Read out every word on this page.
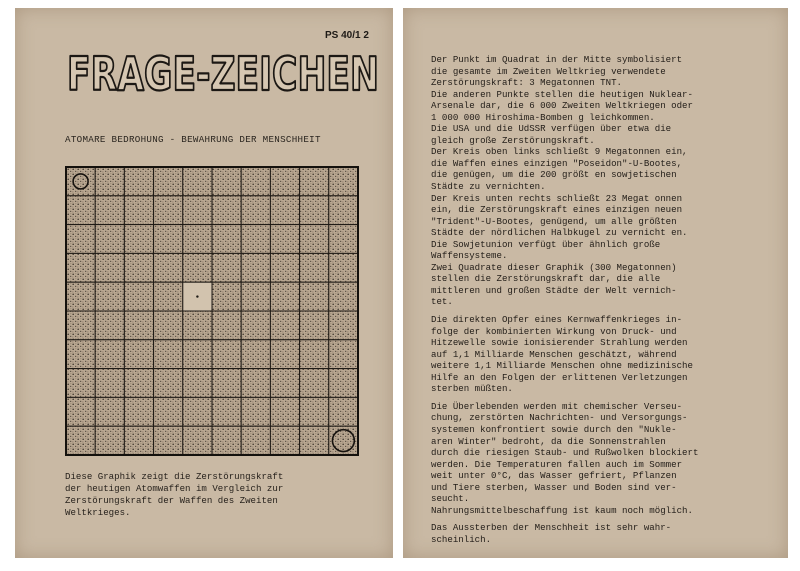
PS 40/1 2
FRAGE-ZEICHEN
ATOMARE BEDROHUNG - BEWAHRUNG DER MENSCHHEIT
Diese Graphik zeigt die Zerstörungskraft
der heutigen Atomwaffen im Vergleich zur
Zerstörungskraft der Waffen des Zweiten
Weltkrieges.
Der Punkt im Quadrat in der Mitte symbolisiert
die gesamte im Zweiten Weltkrieg verwendete
Zerstörungskraft: 3 Megatonnen TNT.
Die anderen Punkte stellen die heutigen Nuklear-
Arsenale dar, die 6 000 Zweiten Weltkriegen oder
1 000 000 Hiroshima-Bomben g leichkommen.
Die USA und die UdSSR verfügen über etwa die
gleich große Zerstörungskraft.
Der Kreis oben links schließt 9 Megatonnen ein,
die Waffen eines einzigen "Poseidon"-U-Bootes,
die genügen, um die 200 größt en sowjetischen
Städte zu vernichten.
Der Kreis unten rechts schließt 23 Megat onnen
ein, die Zerstörungskraft eines einzigen neuen
"Trident"-U-Bootes, genügend, um alle größten
Städte der nördlichen Halbkugel zu vernicht en.
Die Sowjetunion verfügt über ähnlich große
Waffensysteme.
Zwei Quadrate dieser Graphik (300 Megatonnen)
stellen die Zerstörungskraft dar, die alle
mittleren und großen Städte der Welt vernich-
tet.
Die direkten Opfer eines Kernwaffenkrieges in-
folge der kombinierten Wirkung von Druck- und
Hitzewelle sowie ionisierender Strahlung werden
auf 1,1 Milliarde Menschen geschätzt, während
weitere 1,1 Milliarde Menschen ohne medizinische
Hilfe an den Folgen der erlittenen Verletzungen
sterben müßten.
Die Überlebenden werden mit chemischer Verseu-
chung, zerstörten Nachrichten- und Versorgungs-
systemen konfrontiert sowie durch den "Nukle-
aren Winter" bedroht, da die Sonnenstrahlen
durch die riesigen Staub- und Rußwolken blockiert
werden. Die Temperaturen fallen auch im Sommer
weit unter 0°C, das Wasser gefriert, Pflanzen
und Tiere sterben, Wasser und Boden sind ver-
seucht.
Nahrungsmittelbeschaffung ist kaum noch möglich.
Das Aussterben der Menschheit ist sehr wahr-
scheinlich.
